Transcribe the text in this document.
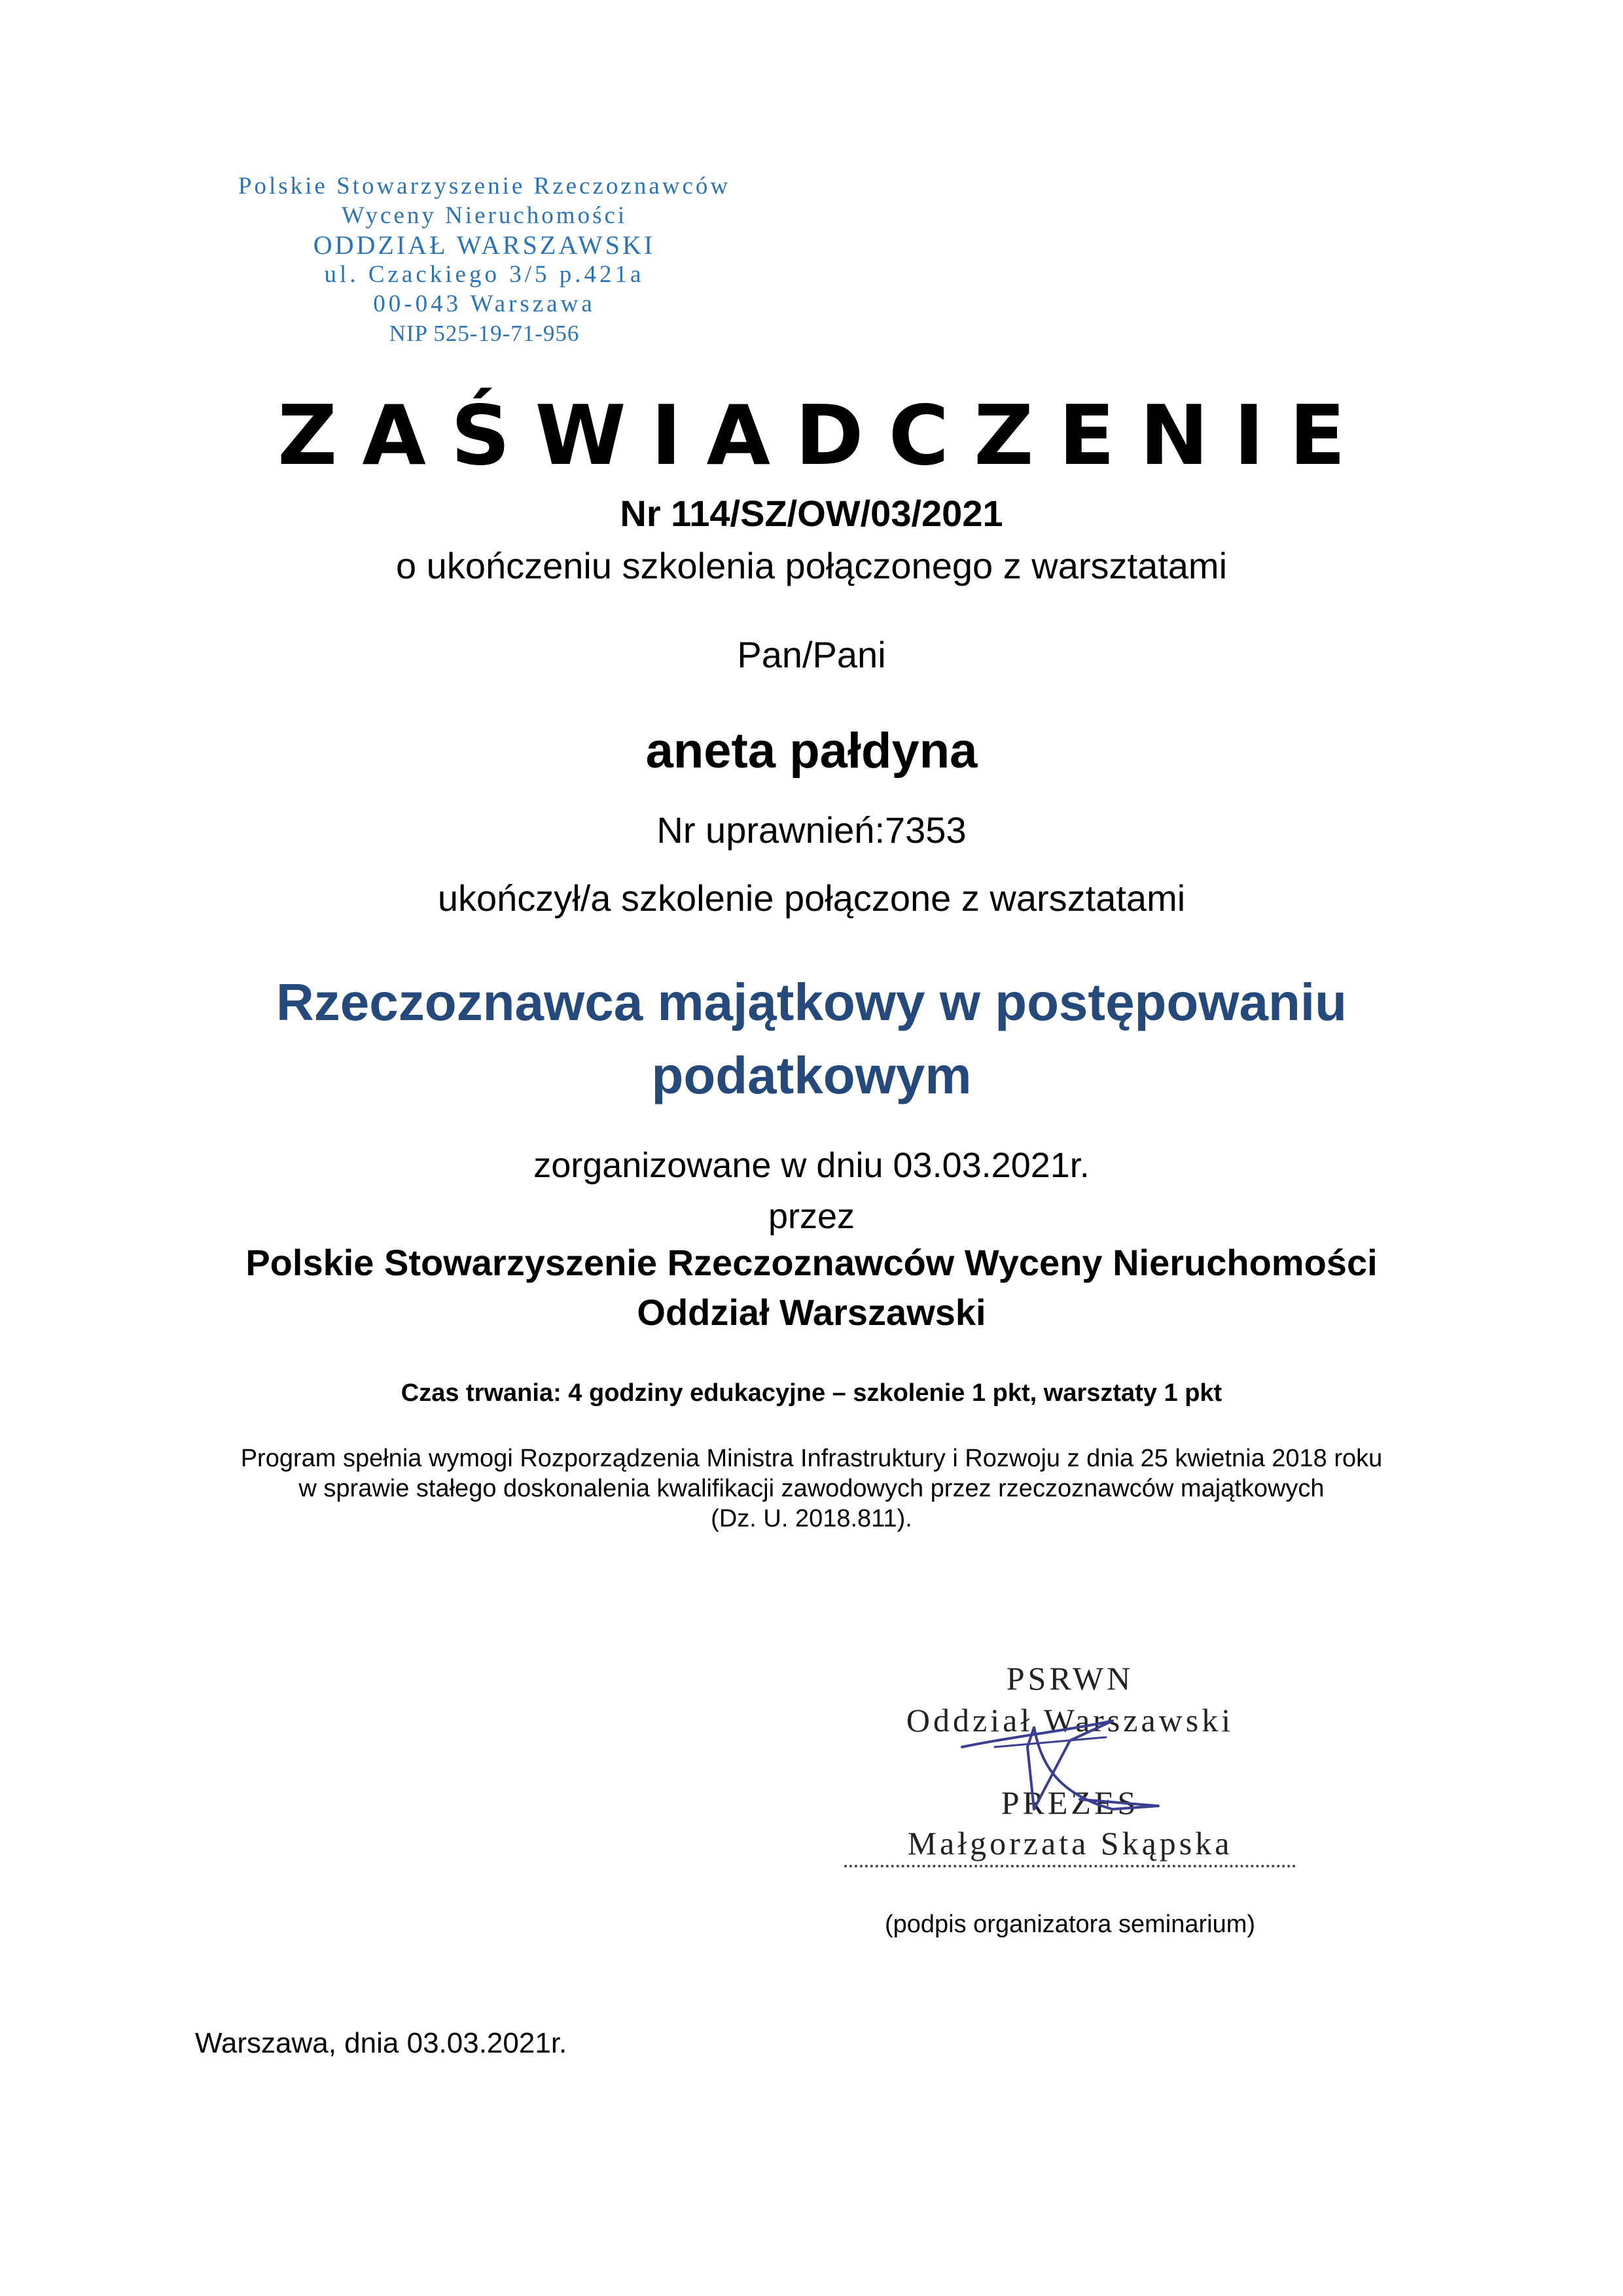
Polskie Stowarzyszenie Rzeczoznawców
Wyceny Nieruchomości
ODDZIAŁ WARSZAWSKI
ul. Czackiego 3/5 p.421a
00-043 Warszawa
NIP 525-19-71-956
ZAŚWIADCZENIE
Nr 114/SZ/OW/03/2021
o ukończeniu szkolenia połączonego z warsztatami
Pan/Pani
aneta pałdyna
Nr uprawnień:7353
ukończył/a szkolenie połączone z warsztatami
Rzeczoznawca majątkowy w postępowaniu
podatkowym
zorganizowane w dniu 03.03.2021r.
przez
Polskie Stowarzyszenie Rzeczoznawców Wyceny Nieruchomości
Oddział Warszawski
Czas trwania: 4 godziny edukacyjne – szkolenie 1 pkt, warsztaty 1 pkt
Program spełnia wymogi Rozporządzenia Ministra Infrastruktury i Rozwoju z dnia 25 kwietnia 2018 roku
w sprawie stałego doskonalenia kwalifikacji zawodowych przez rzeczoznawców majątkowych
(Dz. U. 2018.811).
PSRWN
Oddział Warszawski
PREZES
Małgorzata Skąpska
(podpis organizatora seminarium)
Warszawa, dnia 03.03.2021r.
